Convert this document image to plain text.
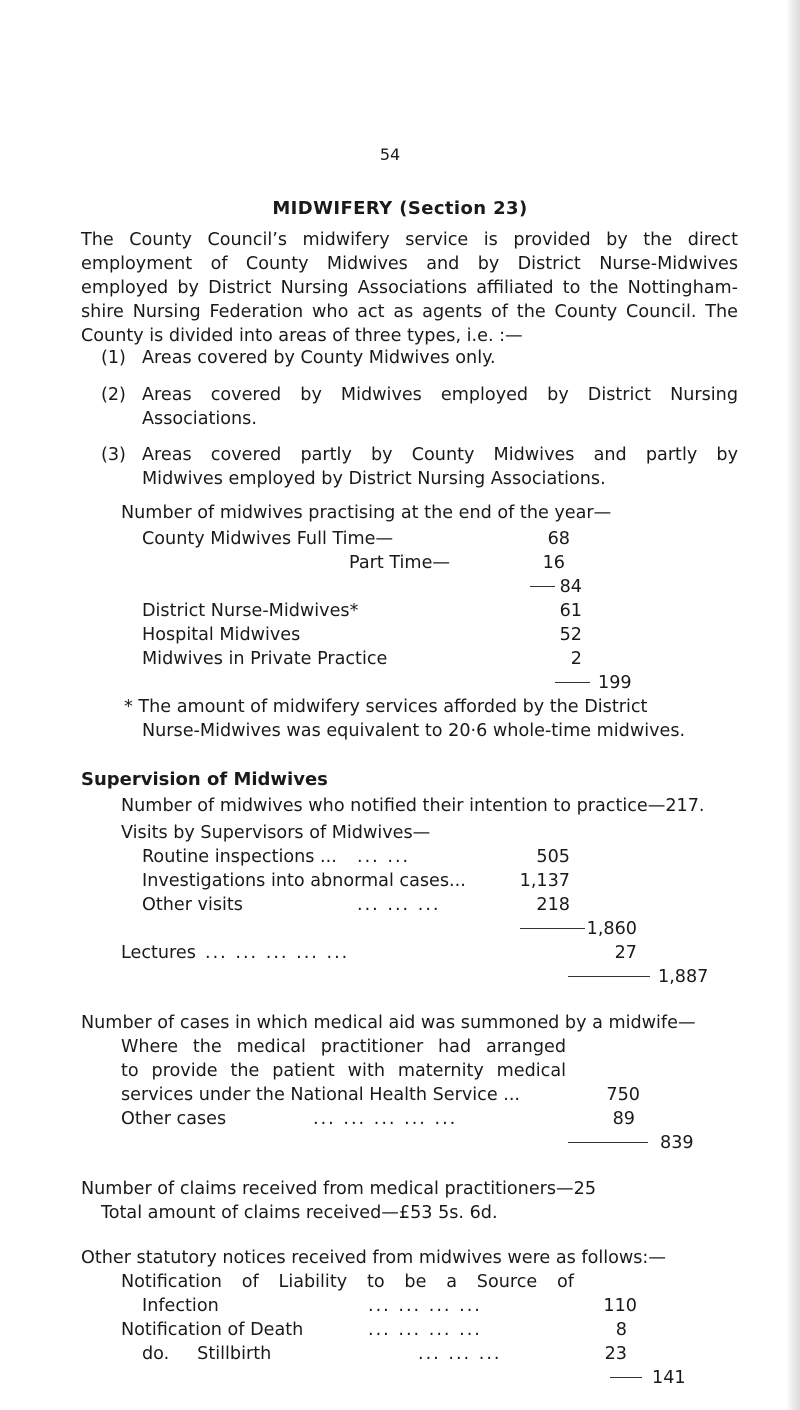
54
MIDWIFERY (Section 23)
The County Council’s midwifery service is provided by the direct
employment of County Midwives and by District Nurse-Midwives
employed by District Nursing Associations affiliated to the Nottingham-
shire Nursing Federation who act as agents of the County Council. The
County is divided into areas of three types, i.e. :—
(1) Areas covered by County Midwives only.
(2) Areas covered by Midwives employed by District Nursing
Associations.
(3) Areas covered partly by County Midwives and partly by
Midwives employed by District Nursing Associations.
Number of midwives practising at the end of the year—
County Midwives Full Time—	68
Part Time—	16
84
District Nurse-Midwives*	61
Hospital Midwives	52
Midwives in Private Practice	2
199
* The amount of midwifery services afforded by the District
Nurse-Midwives was equivalent to 20·6 whole-time midwives.
Supervision of Midwives
Number of midwives who notified their intention to practice—217.
Visits by Supervisors of Midwives—
Routine inspections ... ... ...	505
Investigations into abnormal cases...	1,137
Other visits	... ... ...	218
1,860
Lectures ... ... ... ... ...	27
1,887
Number of cases in which medical aid was summoned by a midwife—
Where the medical practitioner had arranged
to provide the patient with maternity medical
services under the National Health Service ...	750
Other cases	... ... ... ... ...	89
839
Number of claims received from medical practitioners—25
Total amount of claims received—£53 5s. 6d.
Other statutory notices received from midwives were as follows:—
Notification of Liability to be a Source of
Infection	... ... ... ...	110
Notification of Death	... ... ... ...	8
do.     Stillbirth	... ... ...	23
141
